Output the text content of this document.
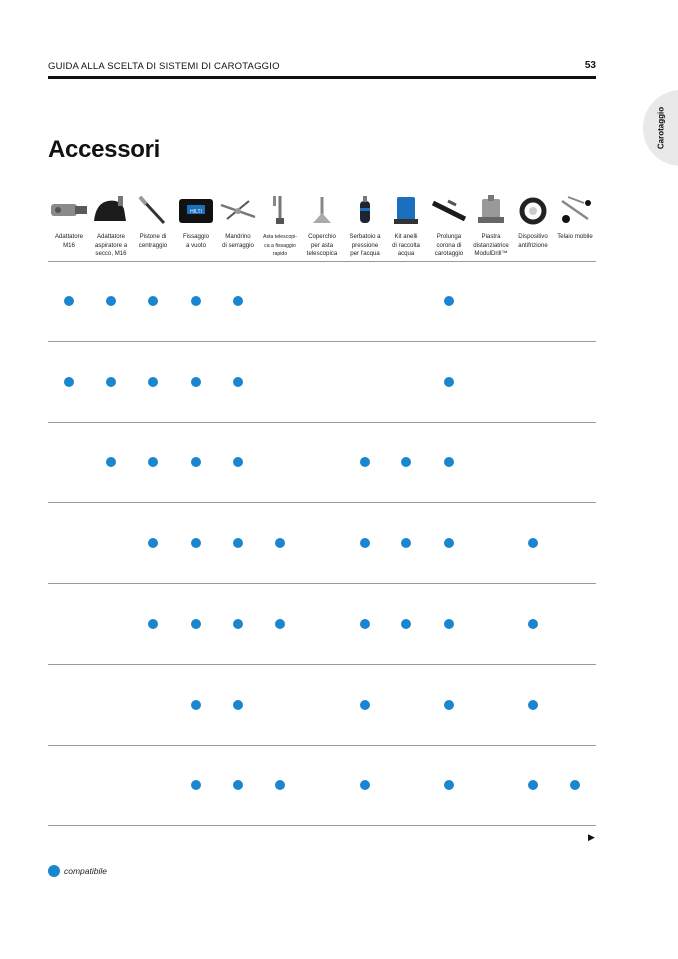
GUIDA ALLA SCELTA DI SISTEMI DI CAROTAGGIO	53
Carotaggio
Accessori
Adattatore
M16
Adattatore
aspiratore a
secco, M16
Pistone di
centraggio
HILTI
Fissaggio
a vuoto
Mandrino
di serraggio
Asta telescopi-
ca a fissaggio
rapido
Coperchio
per asta
telescopica
Serbatoio a
pressione
per l'acqua
Kit anelli
di raccolta
acqua
Prolunga
corona di
carotaggio
Piastra
distanziatrice
ModulDrill™
Dispositivo
antifrizione
Telaio mobile
▶
compatibile
